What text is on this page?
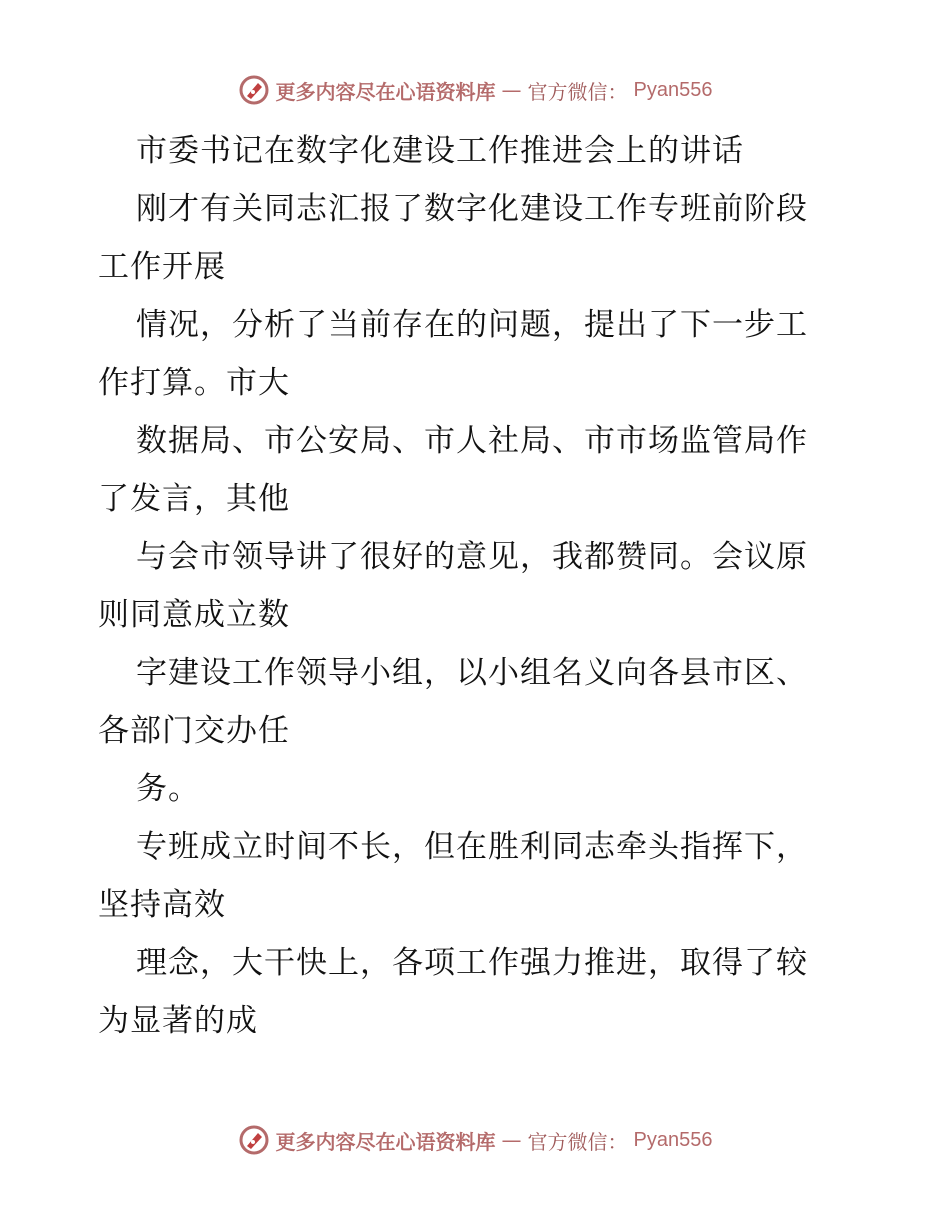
更多内容尽在心语资料库 — 官方微信： Pyan556
市委书记在数字化建设工作推进会上的讲话
刚才有关同志汇报了数字化建设工作专班前阶段
工作开展
情况，分析了当前存在的问题，提出了下一步工
作打算。市大
数据局、市公安局、市人社局、市市场监管局作
了发言，其他
与会市领导讲了很好的意见，我都赞同。会议原
则同意成立数
字建设工作领导小组，以小组名义向各县市区、
各部门交办任
务。
专班成立时间不长，但在胜利同志牵头指挥下，
坚持高效
理念，大干快上，各项工作强力推进，取得了较
为显著的成
更多内容尽在心语资料库 — 官方微信： Pyan556
